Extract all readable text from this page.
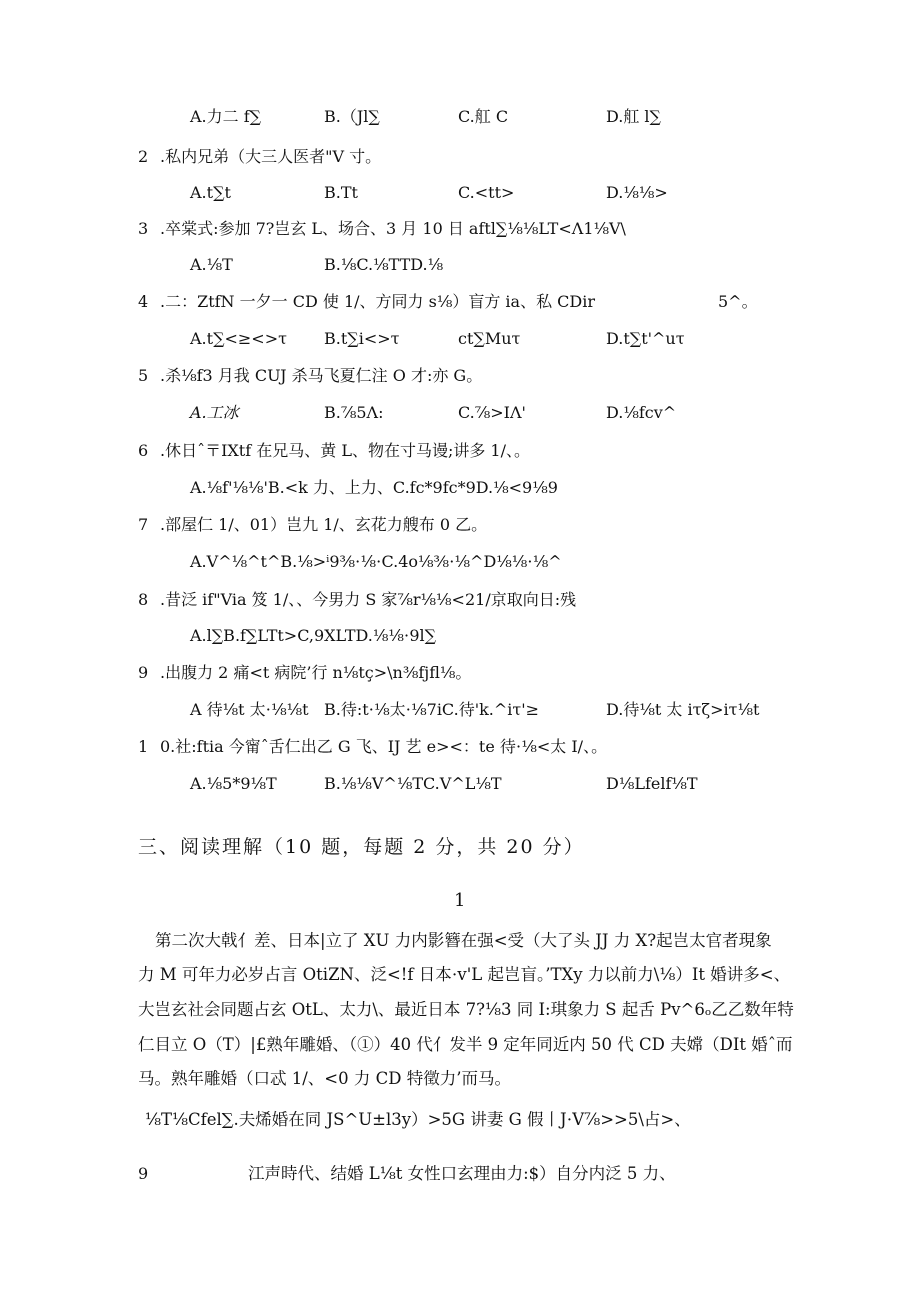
A.力二 f∑	B.（Jl∑	C.舡 C	D.舡 l∑
2 .私内兄弟（大三人医者"V 寸。
A.t∑t	B.Tt	C.<tt>	D.⅛⅛>
3 .卒棠式:参加 7?岂玄 L、场合、3 月 10 日 aftl∑⅛⅛LT<Λ1⅛V\
A.⅛T	B.⅛C.⅛TTD.⅛
4 .二：ZtfN 一夕一 CD 使 1/、方同力 s⅛）盲方 ia、私 CDir	5^。
A.t∑<≥<>τ B.t∑i<>τ	ct∑Muτ	D.t∑t'^uτ
5 .杀⅛f3 月我 CUJ 杀马飞夏仁注 O 才:亦 G。
A.工冰	B.⅞5Λ:	C.⅞>IΛ'	D.⅛fcv^
6 .休日ˆ〒IXtf 在兄马、黄 L、物在寸马谩;讲多 1/、。
A.⅛f'⅛⅛'B.<k 力、上力、C.fc*9fc*9D.⅛<9⅛9
7 .部屋仁 1/、01）岂九 1/、玄花力艘布 0 乙。
A.V^⅛^t^B.⅛>ⁱ9⅜⋅⅛⋅C.4o⅛⅜⋅⅛^D⅛⅛⋅⅛^
8 .昔泛 if"Via 笈 1/、、今男力 S 家⅞r⅛⅛<21/京取向日:残
A.l∑B.f∑LTt>C,9XLTD.⅛⅛⋅9l∑
9 .出腹力 2 痛<t 病院’行 n⅛tç>\n⅜fjfl⅛。
A 待⅛t 太⋅⅛⅛t B.待:t⋅⅛太⋅⅛7iC.待'k.^iτ'≥	D.待⅛t 太 iτζ>iτ⅛t
1 0.社:ftia 今甯ˆ舌仁出乙 G 飞、IJ 艺 e><：te 待⋅⅛<太 I/、。
A.⅛5*9⅛T	B.⅛⅛V^⅛TC.V^L⅛T	D⅛Lfelf⅛T
三、阅读理解（10 题，每题 2 分，共 20 分）
1
第二次大戟亻差、日本|立了 XU 力内影簪在强<受（大了头 JJ 力 X?起岂太官者現象
力 M 可年力必岁占言 OtiZN、泛<!f 日本⋅v'L 起岂盲。’TXy 力以前力\⅛）It 婚讲多<、
大岂玄社会同题占玄 OtL、太力\、最近日本 7?⅛3 同 I:琪象力 S 起舌 Pv^6ₒ乙乙数年特
仁目立 O（T）|£熟年雕婚、（①）40 代亻发半 9 定年同近内 50 代 CD 夫嫦（DIt 婚ˆ而
马。熟年雕婚（口忒 1/、<0 力 CD 特徵力’而马。
⅛T⅛Cfel∑.夫烯婚在同 JS^U±l3y）>5G 讲妻 G 假丨J⋅V⅞>>5\占>、
9	江声時代、结婚 L⅛t 女性口玄理由力:$）自分内泛 5 力、
